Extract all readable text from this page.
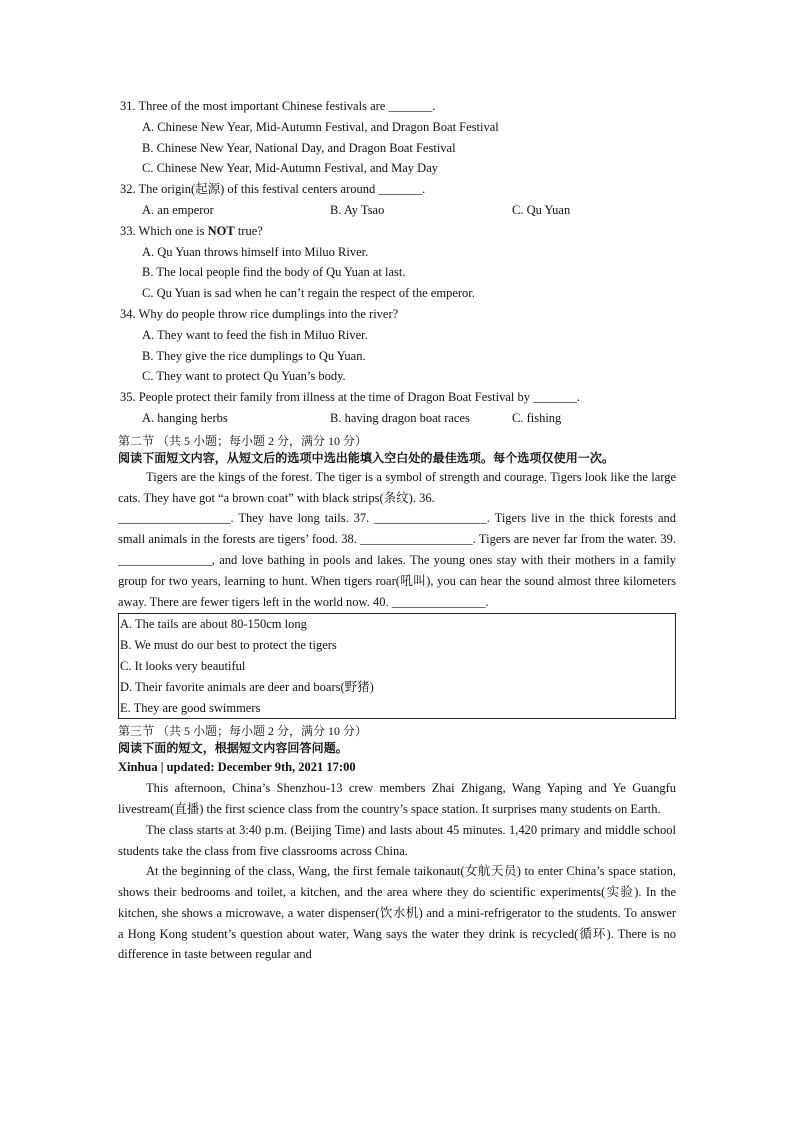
31. Three of the most important Chinese festivals are _______.
A. Chinese New Year, Mid-Autumn Festival, and Dragon Boat Festival
B. Chinese New Year, National Day, and Dragon Boat Festival
C. Chinese New Year, Mid-Autumn Festival, and May Day
32. The origin(起源) of this festival centers around _______.
A. an emperor	B. Ay Tsao	C. Qu Yuan
33. Which one is NOT true?
A. Qu Yuan throws himself into Miluo River.
B. The local people find the body of Qu Yuan at last.
C. Qu Yuan is sad when he can’t regain the respect of the emperor.
34. Why do people throw rice dumplings into the river?
A. They want to feed the fish in Miluo River.
B. They give the rice dumplings to Qu Yuan.
C. They want to protect Qu Yuan’s body.
35. People protect their family from illness at the time of Dragon Boat Festival by _______.
A. hanging herbs	B. having dragon boat races	C. fishing
第二节 （共 5 小题；每小题 2 分，满分 10 分）
阅读下面短文内容，从短文后的选项中选出能填入空白处的最佳选项。每个选项仅使用一次。

Tigers are the kings of the forest. The tiger is a symbol of strength and courage. Tigers look like the large cats. They have got “a brown coat” with black strips(条纹). 36.

__________________. They have long tails. 37. __________________. Tigers live in the thick forests and small animals in the forests are tigers’ food. 38. __________________. Tigers are never far from the water. 39. _______________, and love bathing in pools and lakes. The young ones stay with their mothers in a family group for two years, learning to hunt. When tigers roar(吼叫), you can hear the sound almost three kilometers away. There are fewer tigers left in the world now. 40. _______________.

A. The tails are about 80-150cm long
B. We must do our best to protect the tigers
C. It looks very beautiful
D. Their favorite animals are deer and boars(野猪)
E. They are good swimmers
第三节 （共 5 小题；每小题 2 分，满分 10 分）
阅读下面的短文，根据短文内容回答问题。
Xinhua | updated: December 9th, 2021 17:00

This afternoon, China’s Shenzhou-13 crew members Zhai Zhigang, Wang Yaping and Ye Guangfu livestream(直播) the first science class from the country’s space station. It surprises many students on Earth.

The class starts at 3:40 p.m. (Beijing Time) and lasts about 45 minutes. 1,420 primary and middle school students take the class from five classrooms across China.

At the beginning of the class, Wang, the first female taikonaut(女航天员) to enter China’s space station, shows their bedrooms and toilet, a kitchen, and the area where they do scientific experiments(实验). In the kitchen, she shows a microwave, a water dispenser(饮水机) and a mini-refrigerator to the students. To answer a Hong Kong student’s question about water, Wang says the water they drink is recycled(循环). There is no difference in taste between regular and
